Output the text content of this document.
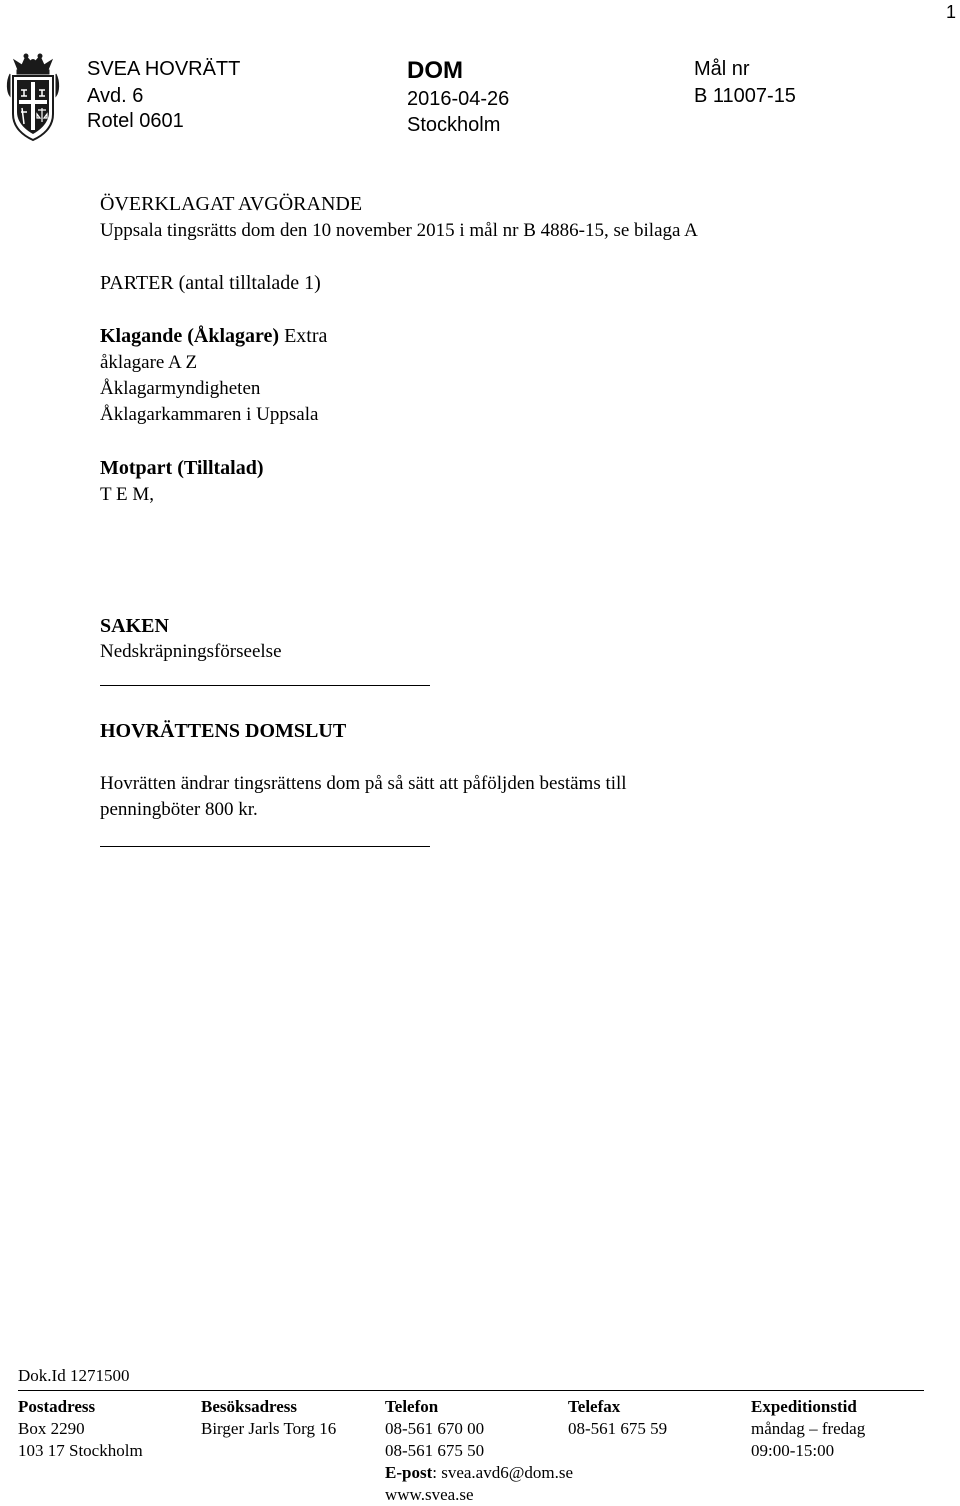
1
SVEA HOVRÄTT
Avd. 6
Rotel 0601
DOM
2016-04-26
Stockholm
Mål nr
B 11007-15
ÖVERKLAGAT AVGÖRANDE
Uppsala tingsrätts dom den 10 november 2015 i mål nr B 4886-15, se bilaga A
PARTER (antal tilltalade 1)
Klagande (Åklagare) Extra
åklagare A Z
Åklagarmyndigheten
Åklagarkammaren i Uppsala
Motpart (Tilltalad)
T E M,
SAKEN
Nedskräpningsförseelse
HOVRÄTTENS DOMSLUT
Hovrätten ändrar tingsrättens dom på så sätt att påföljden bestäms till
penningböter 800 kr.
Dok.Id 1271500
Postadress
Box 2290
103 17 Stockholm
Besöksadress
Birger Jarls Torg 16
Telefon
08-561 670 00
08-561 675 50
E-post: svea.avd6@dom.se
www.svea.se
Telefax
08-561 675 59
Expeditionstid
måndag – fredag
09:00-15:00
